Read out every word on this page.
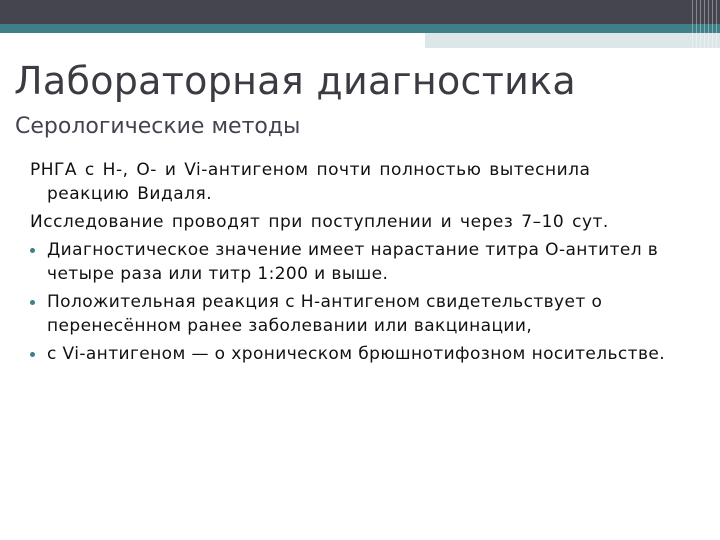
Лабораторная диагностика
Серологические методы

РНГА с Н-, О- и Vi-антигеном почти полностью вытеснила реакцию Видаля.

Исследование проводят при поступлении и через 7–10 сут.

Диагностическое значение имеет нарастание титра О-антител в четыре раза или титр 1:200 и выше.
Положительная реакция с Н-антигеном свидетельствует о перенесённом ранее заболевании или вакцинации,
с Vi-антигеном — о хроническом брюшнотифозном носительстве.
